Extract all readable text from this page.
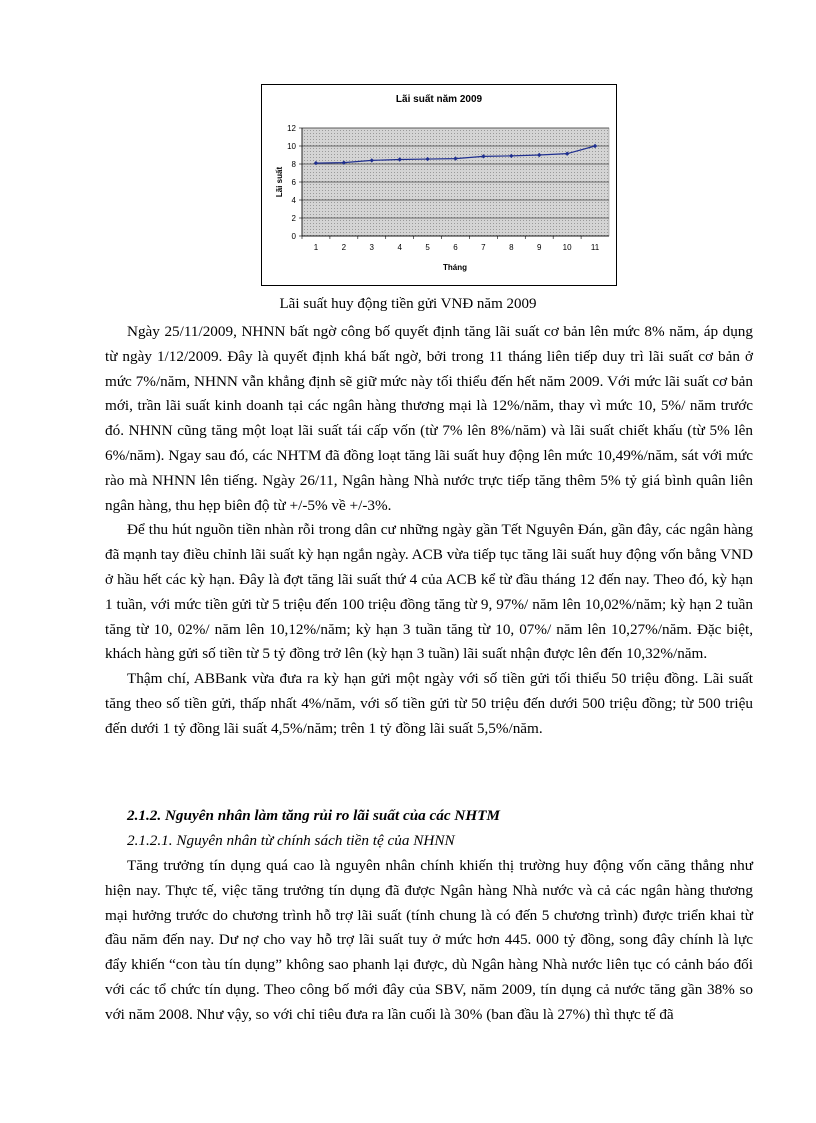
Lãi suất năm 2009
0
2
4
6
8
10
12
1	2	3	4	5	6	7	8	9	10 11
Tháng
Lãi suất
Lãi suất huy động tiền gửi VNĐ năm 2009

Ngày 25/11/2009, NHNN bất ngờ công bố quyết định tăng lãi suất cơ bản lên mức 8% năm, áp dụng từ ngày 1/12/2009. Đây là quyết định khá bất ngờ, bởi trong 11 tháng liên tiếp duy trì lãi suất cơ bản ở mức 7%/năm, NHNN vẫn khẳng định sẽ giữ mức này tối thiểu đến hết năm 2009. Với mức lãi suất cơ bản mới, trần lãi suất kinh doanh tại các ngân hàng thương mại là 12%/năm, thay vì mức 10, 5%/ năm trước đó. NHNN cũng tăng một loạt lãi suất tái cấp vốn (từ 7% lên 8%/năm) và lãi suất chiết khấu (từ 5% lên 6%/năm). Ngay sau đó, các NHTM đã đồng loạt tăng lãi suất huy động lên mức 10,49%/năm, sát với mức rào mà NHNN lên tiếng. Ngày 26/11, Ngân hàng Nhà nước trực tiếp tăng thêm 5% tỷ giá bình quân liên ngân hàng, thu hẹp biên độ từ +/-5% về +/-3%.

Để thu hút nguồn tiền nhàn rỗi trong dân cư những ngày gần Tết Nguyên Đán, gần đây, các ngân hàng đã mạnh tay điều chỉnh lãi suất kỳ hạn ngắn ngày. ACB vừa tiếp tục tăng lãi suất huy động vốn bằng VND ở hầu hết các kỳ hạn. Đây là đợt tăng lãi suất thứ 4 của ACB kể từ đầu tháng 12 đến nay. Theo đó, kỳ hạn 1 tuần, với mức tiền gửi từ 5 triệu đến 100 triệu đồng tăng từ 9, 97%/ năm lên 10,02%/năm; kỳ hạn 2 tuần tăng từ 10, 02%/ năm lên 10,12%/năm; kỳ hạn 3 tuần tăng từ 10, 07%/ năm lên 10,27%/năm. Đặc biệt, khách hàng gửi số tiền từ 5 tỷ đồng trở lên (kỳ hạn 3 tuần) lãi suất nhận được lên đến 10,32%/năm.

Thậm chí, ABBank vừa đưa ra kỳ hạn gửi một ngày với số tiền gửi tối thiểu 50 triệu đồng. Lãi suất tăng theo số tiền gửi, thấp nhất 4%/năm, với số tiền gửi từ 50 triệu đến dưới 500 triệu đồng; từ 500 triệu đến dưới 1 tỷ đồng lãi suất 4,5%/năm; trên 1 tỷ đồng lãi suất 5,5%/năm.

2.1.2. Nguyên nhân làm tăng rủi ro lãi suất của các NHTM

2.1.2.1. Nguyên nhân từ chính sách tiền tệ của NHNN

Tăng trưởng tín dụng quá cao là nguyên nhân chính khiến thị trường huy động vốn căng thẳng như hiện nay. Thực tế, việc tăng trưởng tín dụng đã được Ngân hàng Nhà nước và cả các ngân hàng thương mại hưởng trước do chương trình hỗ trợ lãi suất (tính chung là có đến 5 chương trình) được triển khai từ đầu năm đến nay. Dư nợ cho vay hỗ trợ lãi suất tuy ở mức hơn 445. 000 tỷ đồng, song đây chính là lực đẩy khiến “con tàu tín dụng” không sao phanh lại được, dù Ngân hàng Nhà nước liên tục có cảnh báo đối với các tổ chức tín dụng. Theo công bố mới đây của SBV, năm 2009, tín dụng cả nước tăng gần 38% so với năm 2008. Như vậy, so với chỉ tiêu đưa ra lần cuối là 30% (ban đầu là 27%) thì thực tế đã
